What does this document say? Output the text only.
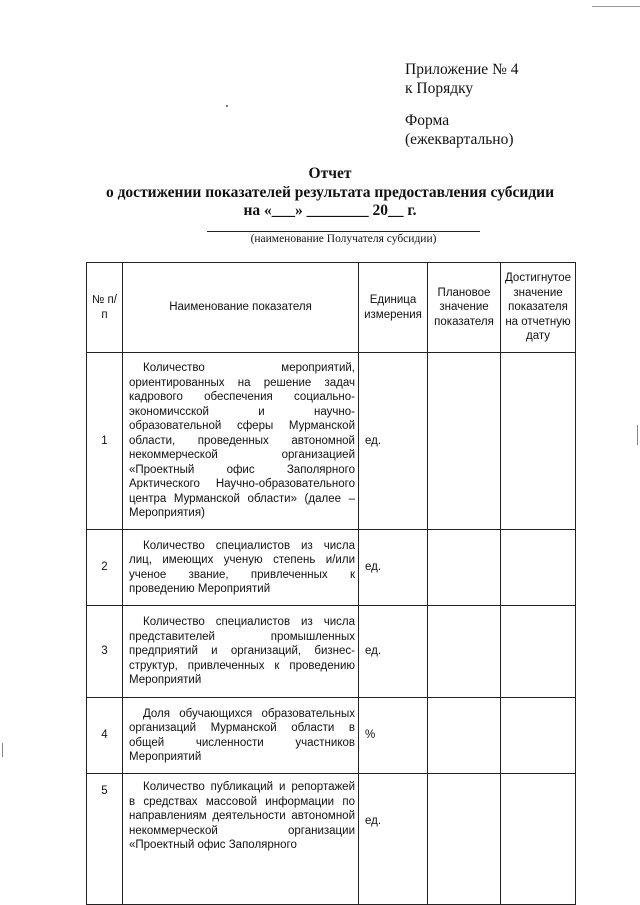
Приложение № 4
к Порядку
Форма
(ежеквартально)
Отчет
о достижении показателей результата предоставления субсидии
на «___» ________ 20__ г.
(наименование Получателя субсидии)
№ п/п	Наименование показателя	Единица измерения	Плановое значение показателя	Достигнутое значение показателя на отчетную дату
1	Количество мероприятий, ориентированных на решение задач кадрового обеспечения социально-экономичсской и научно-образовательной сферы Мурманской области, проведенных автономной некоммерческой организацией «Проектный офис Заполярного Арктического Научно-образовательного центра Мурманской области» (далее – Мероприятия)	ед.		
2	Количество специалистов из числа лиц, имеющих ученую степень и/или ученое звание, привлеченных к проведению Мероприятий	ед.		
3	Количество специалистов из числа представителей промышленных предприятий и организаций, бизнес-структур, привлеченных к проведению Мероприятий	ед.		
4	Доля обучающихся образовательных организаций Мурманской области в общей численности участников Мероприятий	%		
5	Количество публикаций и репортажей в средствах массовой информации по направлениям деятельности автономной некоммерческой организации «Проектный офис Заполярного	ед.		
